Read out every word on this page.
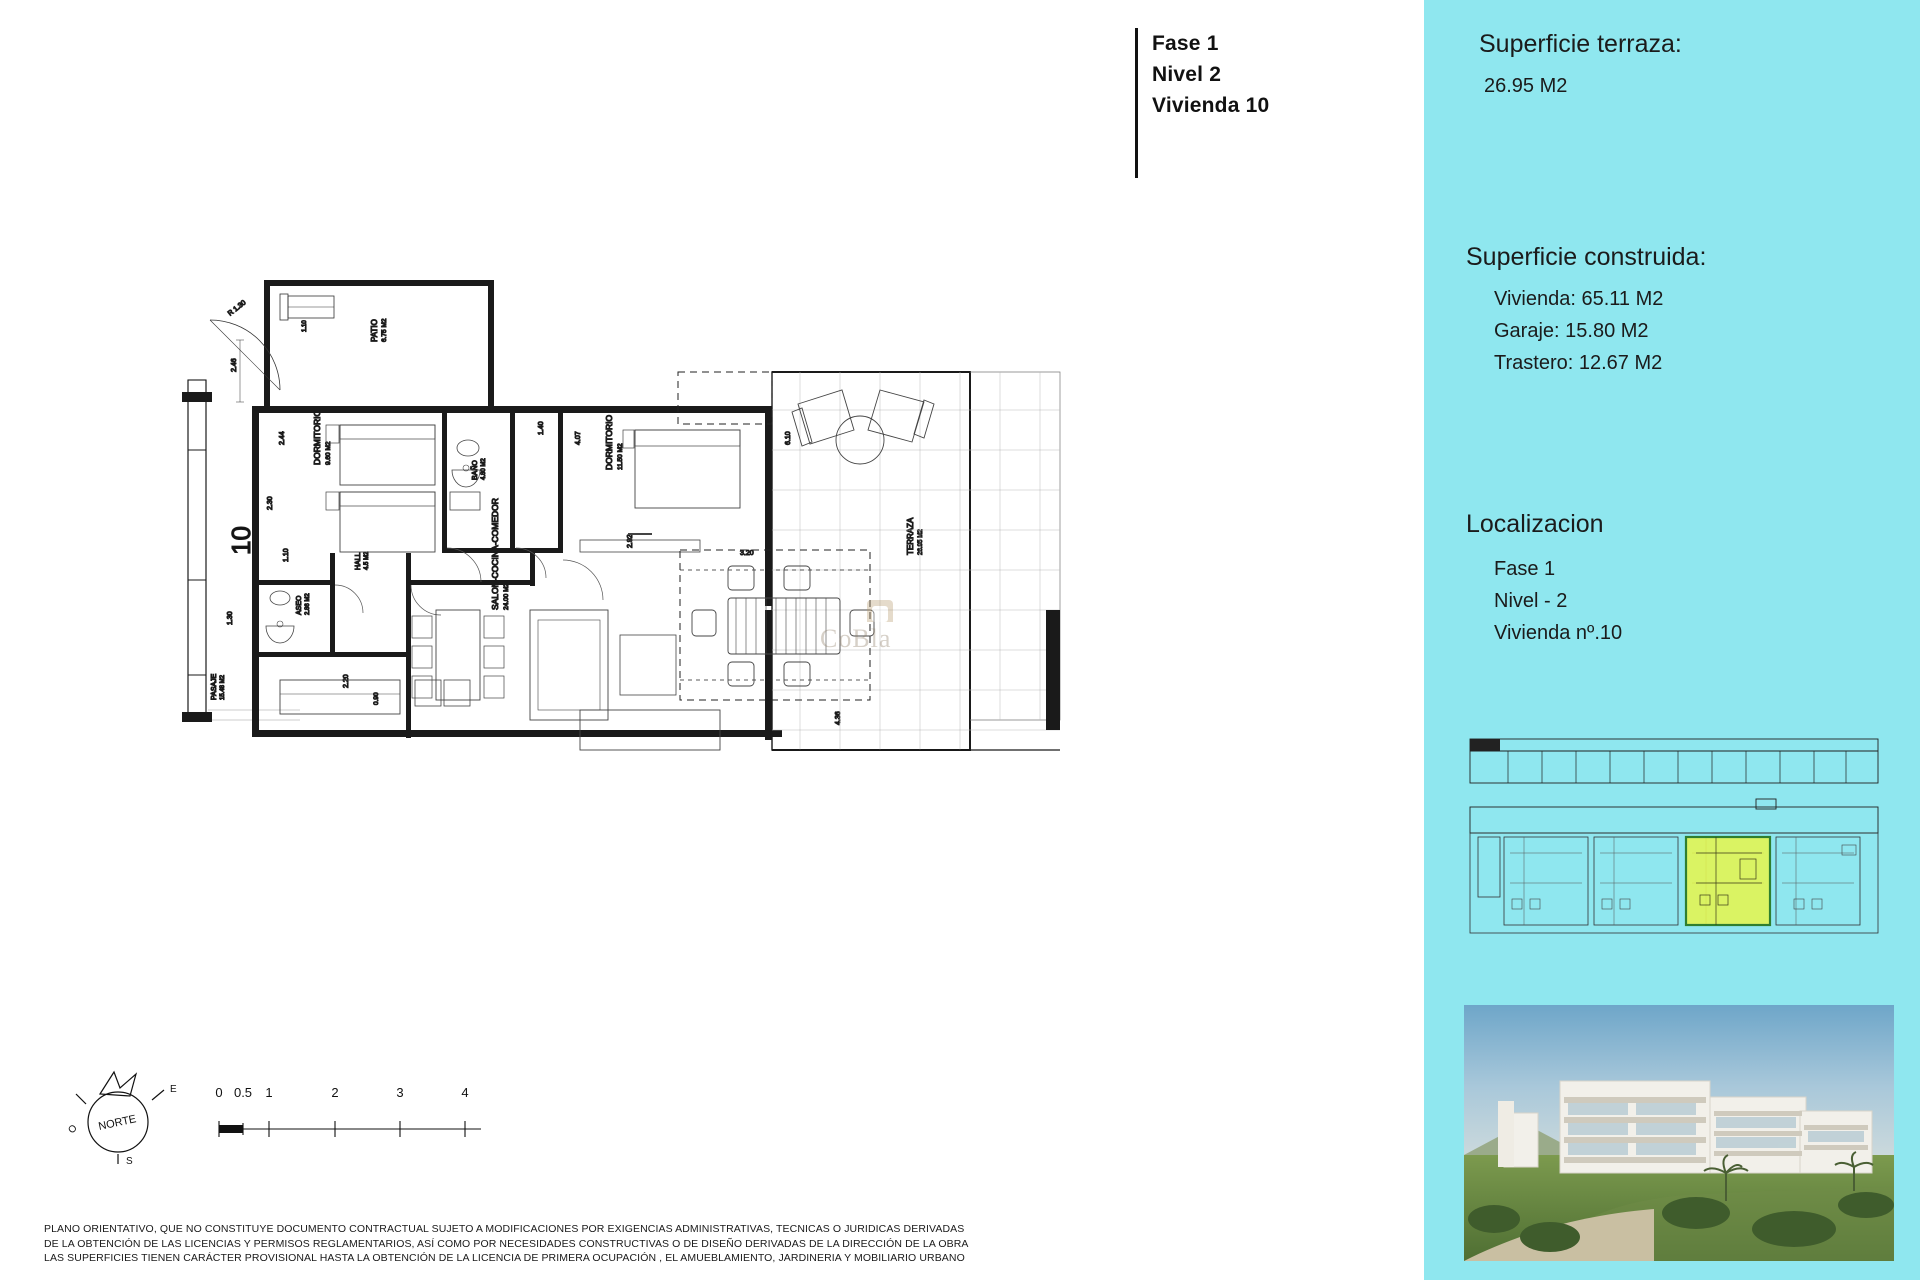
Fase 1
Nivel 2
Vivienda 10
R 1.30
PATIO 6.75 M2
1.10
DORMITORIO 9.60 M2	DORMITORIO 11.50 M2
SALON-COCINA-COMEDOR 24.00 M2
BAÑO 4.80 M2
ASEO 2.86 M2
HALL 4.5 M2
TERRAZA 26.95 M2
PASAJE 15.48 M2
10
2.46
2.44
1.40
4.07	6.10
2.30
1.10
1.30
2.20
3.20
2.92
4.36
0.90
CoBla
NORTE
O
E
S
0 0.5 1	2	3	4
PLANO ORIENTATIVO, QUE NO CONSTITUYE DOCUMENTO CONTRACTUAL SUJETO A MODIFICACIONES POR EXIGENCIAS ADMINISTRATIVAS, TECNICAS O JURIDICAS DERIVADAS
DE LA OBTENCIÓN DE LAS LICENCIAS Y PERMISOS REGLAMENTARIOS, ASÍ COMO POR NECESIDADES CONSTRUCTIVAS O DE DISEÑO DERIVADAS DE LA DIRECCIÓN DE LA OBRA
LAS SUPERFICIES TIENEN CARÁCTER PROVISIONAL HASTA LA OBTENCIÓN DE LA LICENCIA DE PRIMERA OCUPACIÓN , EL AMUEBLAMIENTO, JARDINERIA Y MOBILIARIO URBANO
Superficie terraza:
26.95 M2
Superficie construida:
Vivienda: 65.11 M2
Garaje: 15.80 M2
Trastero: 12.67 M2
Localizacion
Fase 1
Nivel - 2
Vivienda nº.10
